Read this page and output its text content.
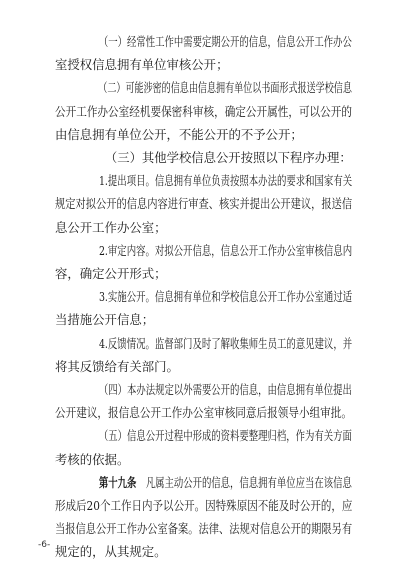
（一）经常性工作中需要定期公开的信息，信息公开工作办公
室授权信息拥有单位审核公开；
（二）可能涉密的信息由信息拥有单位以书面形式报送学校信息
公开工作办公室经机要保密科审核，确定公开属性，可以公开的
由信息拥有单位公开，不能公开的不予公开；
（三）其他学校信息公开按照以下程序办理：
1.提出项目。信息拥有单位负责按照本办法的要求和国家有关
规定对拟公开的信息内容进行审查、核实并提出公开建议，报送信
息公开工作办公室；
2.审定内容。对拟公开信息，信息公开工作办公室审核信息内
容，确定公开形式；
3.实施公开。信息拥有单位和学校信息公开工作办公室通过适
当措施公开信息；
4.反馈情况。监督部门及时了解收集师生员工的意见建议，并
将其反馈给有关部门。
（四）本办法规定以外需要公开的信息，由信息拥有单位提出
公开建议，报信息公开工作办公室审核同意后报领导小组审批。
（五）信息公开过程中形成的资料要整理归档，作为有关方面
考核的依据。
第十九条　凡属主动公开的信息，信息拥有单位应当在该信息
形成后20个工作日内予以公开。因特殊原因不能及时公开的，应
当报信息公开工作办公室备案。法律、法规对信息公开的期限另有
规定的，从其规定。
-6-
